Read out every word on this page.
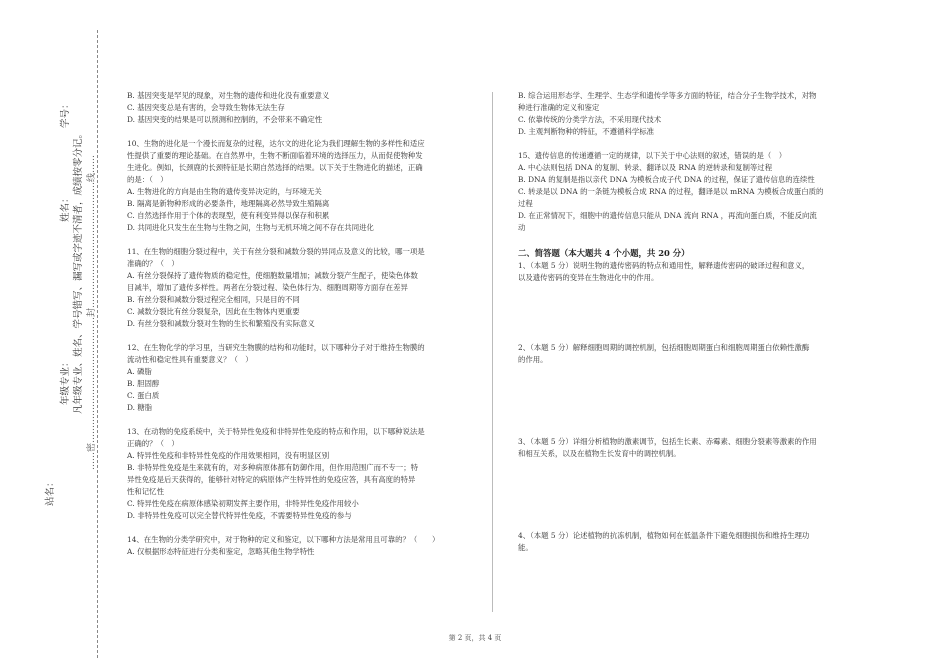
学号：
姓名：
年级专业： 凡年级专业、姓名、学号错写、漏写或字迹不清者，成绩按零分记。 ……密……………………………………封……………………………………线……
站名：

B. 基因突变是罕见的现象，对生物的遗传和进化没有重要意义

C. 基因突变总是有害的，会导致生物体无法生存

D. 基因突变的结果是可以预测和控制的，不会带来不确定性

10、生物的进化是一个漫长而复杂的过程，达尔文的进化论为我们理解生物的多样性和适应

性提供了重要的理论基础。在自然界中，生物不断面临着环境的选择压力，从而促使物种发

生进化。例如，长颈鹿的长颈特征是长期自然选择的结果。以下关于生物进化的描述，正确

的是：（　）

A. 生物进化的方向是由生物的遗传变异决定的，与环境无关

B. 隔离是新物种形成的必要条件，地理隔离必然导致生殖隔离

C. 自然选择作用于个体的表现型，使有利变异得以保存和积累

D. 共同进化只发生在生物与生物之间，生物与无机环境之间不存在共同进化

11、在生物的细胞分裂过程中，关于有丝分裂和减数分裂的异同点及意义的比较，哪一项是

准确的？（　）

A. 有丝分裂保持了遗传物质的稳定性，使细胞数量增加；减数分裂产生配子，使染色体数

目减半，增加了遗传多样性。两者在分裂过程、染色体行为、细胞周期等方面存在差异

B. 有丝分裂和减数分裂过程完全相同，只是目的不同

C. 减数分裂比有丝分裂复杂，因此在生物体内更重要

D. 有丝分裂和减数分裂对生物的生长和繁殖没有实际意义

12、在生物化学的学习里，当研究生物膜的结构和功能时，以下哪种分子对于维持生物膜的

流动性和稳定性具有重要意义？（　）

A. 磷脂

B. 胆固醇

C. 蛋白质

D. 糖脂

13、在动物的免疫系统中，关于特异性免疫和非特异性免疫的特点和作用，以下哪种说法是

正确的？（　）

A. 特异性免疫和非特异性免疫的作用效果相同，没有明显区别

B. 非特异性免疫是生来就有的，对多种病原体都有防御作用，但作用范围广而不专一；特

异性免疫是后天获得的，能够针对特定的病原体产生特异性的免疫应答，具有高度的特异

性和记忆性

C. 特异性免疫在病原体感染初期发挥主要作用，非特异性免疫作用较小

D. 非特异性免疫可以完全替代特异性免疫，不需要特异性免疫的参与

14、在生物的分类学研究中，对于物种的定义和鉴定，以下哪种方法是常用且可靠的？（　　）

A. 仅根据形态特征进行分类和鉴定，忽略其他生物学特性

B. 综合运用形态学、生理学、生态学和遗传学等多方面的特征，结合分子生物学技术，对物

种进行准确的定义和鉴定

C. 依靠传统的分类学方法，不采用现代技术

D. 主观判断物种的特征，不遵循科学标准

15、遗传信息的传递遵循一定的规律，以下关于中心法则的叙述，错误的是（　）

A. 中心法则包括 DNA 的复制、转录、翻译以及 RNA 的逆转录和复制等过程

B. DNA 的复制是指以亲代 DNA 为模板合成子代 DNA 的过程，保证了遗传信息的连续性

C. 转录是以 DNA 的一条链为模板合成 RNA 的过程，翻译是以 mRNA 为模板合成蛋白质的

过程

D. 在正常情况下，细胞中的遗传信息只能从 DNA 流向 RNA ，再流向蛋白质，不能反向流

动

二、简答题（本大题共 4 个小题，共 20 分）

1、（本题 5 分）说明生物的遗传密码的特点和通用性，解释遗传密码的破译过程和意义，

以及遗传密码的变异在生物进化中的作用。

2、（本题 5 分）解释细胞周期的调控机制，包括细胞周期蛋白和细胞周期蛋白依赖性激酶

的作用。

3、（本题 5 分）详细分析植物的激素调节，包括生长素、赤霉素、细胞分裂素等激素的作用

和相互关系，以及在植物生长发育中的调控机制。

4、（本题 5 分）论述植物的抗冻机制，植物如何在低温条件下避免细胞损伤和维持生理功

能。

第 2 页，共 4 页
